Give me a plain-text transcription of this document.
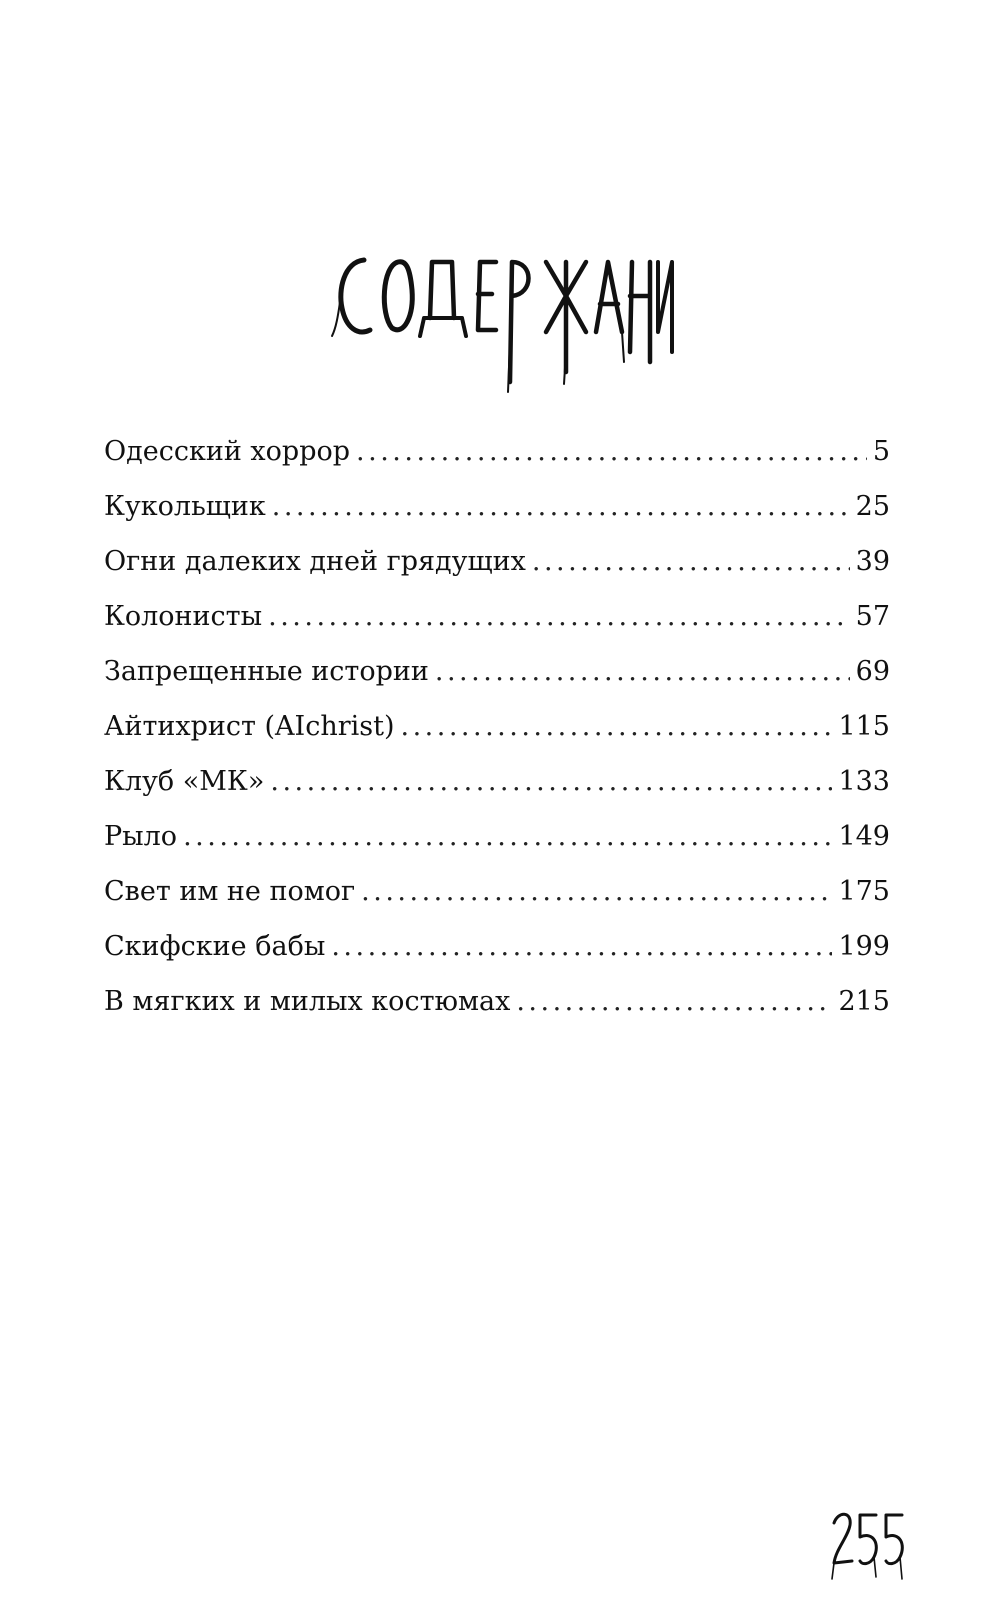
Одесский хоррор .....	5
Кукольщик .....	25
Огни далеких дней грядущих .....	39
Колонисты .....	57
Запрещенные истории .....	69
Айтихрист (AIchrist) .....	115
Клуб «МК» .....	133
Рыло .....	149
Свет им не помог .....	175
Скифские бабы .....	199
В мягких и милых костюмах .....	215
